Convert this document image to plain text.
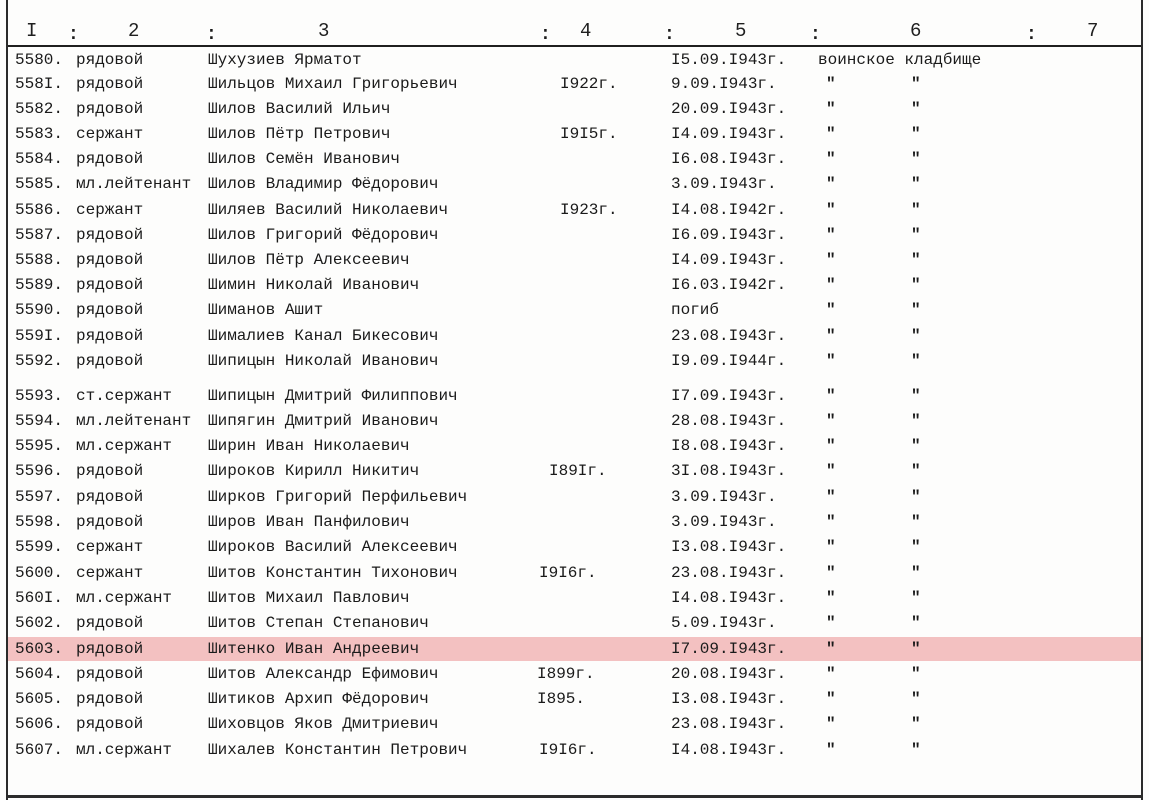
I :	2	:	3	: 4	:	5	:	6	:	7
5580. рядовой	Шухузиев Ярматот	I5.09.I943г. воинское кладбище
558I. рядовой	Шильцов Михаил Григорьевич	I922г.	9.09.I943г.	"	"
5582. рядовой	Шилов Василий Ильич	20.09.I943г. "	"
5583. сержант	Шилов Пётр Петрович	I9I5г.	I4.09.I943г. "	"
5584. рядовой	Шилов Семён Иванович	I6.08.I943г. "	"
5585. мл.лейтенант Шилов Владимир Фёдорович	3.09.I943г.	"	"
5586. сержант	Шиляев Василий Николаевич	I923г.	I4.08.I942г. "	"
5587. рядовой	Шилов Григорий Фёдорович	I6.09.I943г. "	"
5588. рядовой	Шилов Пётр Алексеевич	I4.09.I943г. "	"
5589. рядовой	Шимин Николай Иванович	I6.03.I942г. "	"
5590. рядовой	Шиманов Ашит	погиб	"	"
559I. рядовой	Шималиев Канал Бикесович	23.08.I943г. "	"
5592. рядовой	Шипицын Николай Иванович	I9.09.I944г. "	"
5593. ст.сержант Шипицын Дмитрий Филиппович	I7.09.I943г. "	"
5594. мл.лейтенант Шипягин Дмитрий Иванович	28.08.I943г. "	"
5595. мл.сержант Ширин Иван Николаевич	I8.08.I943г. "	"
5596. рядовой	Широков Кирилл Никитич	I89Iг.	3I.08.I943г. "	"
5597. рядовой	Ширков Григорий Перфильевич	3.09.I943г.	"	"
5598. рядовой	Широв Иван Панфилович	3.09.I943г.	"	"
5599. сержант	Широков Василий Алексеевич	I3.08.I943г. "	"
5600. сержант	Шитов Константин Тихонович	I9I6г.	23.08.I943г. "	"
560I. мл.сержант Шитов Михаил Павлович	I4.08.I943г. "	"
5602. рядовой	Шитов Степан Степанович	5.09.I943г.	"	"
5603. рядовой	Шитенко Иван Андреевич	I7.09.I943г. "	"
5604. рядовой	Шитов Александр Ефимович	I899г.	20.08.I943г. "	"
5605. рядовой	Шитиков Архип Фёдорович	I895.	I3.08.I943г. "	"
5606. рядовой	Шиховцов Яков Дмитриевич	23.08.I943г. "	"
5607. мл.сержант Шихалев Константин Петрович	I9I6г.	I4.08.I943г. "	"
